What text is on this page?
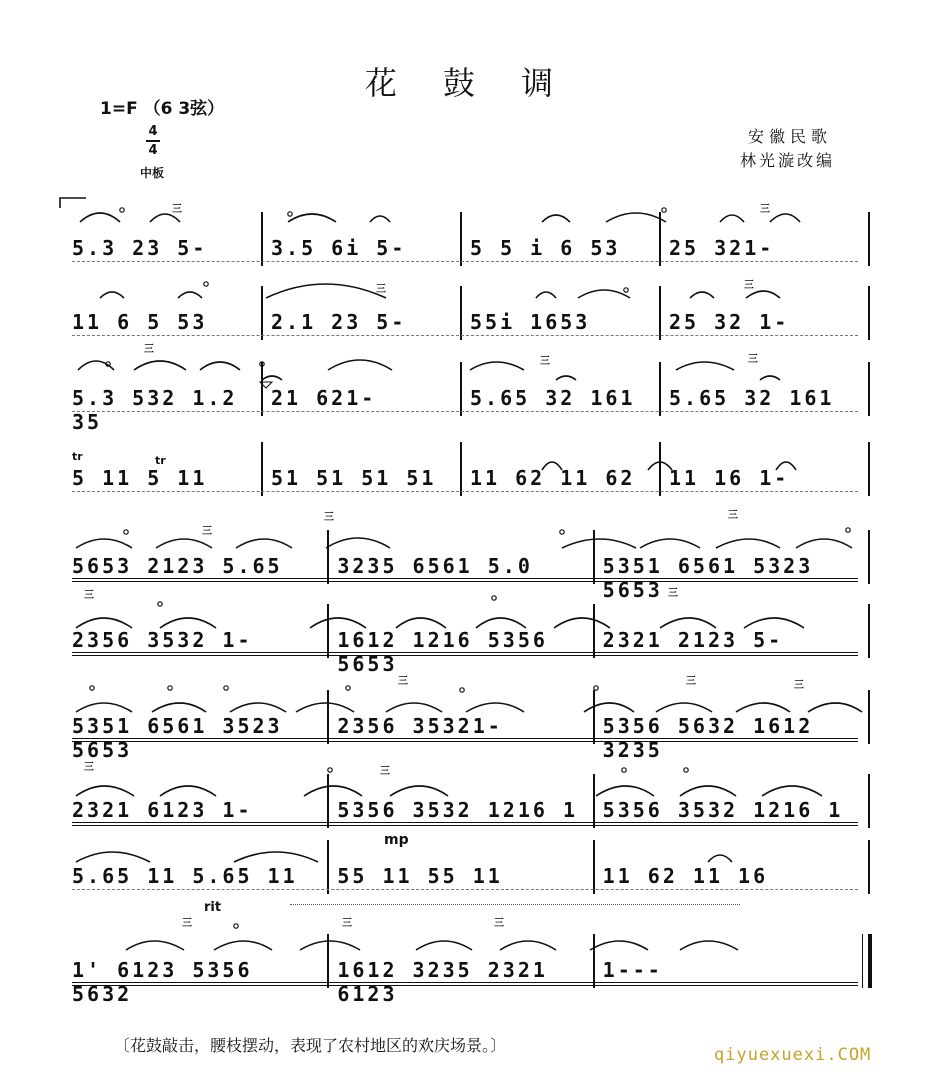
花 鼓 调
1=F （6 3弦）
4
4
中板
安徽民歌
林光漩改编
tr	tr
mp
rit
5.3 23 5-	3.5 6i 5-	5 5 i 6 53	25 321-
11 6 5 53	2.1 23 5-	55i 1653	25 32 1-
5.3 532 1.2 35
21 621-	5.65 32 161	5.65 32 161
5 11 5 11	51 51 51 51	11 62 11 62	11 16 1-
5653 2123 5.65	3235 6561 5.0	5351 6561 5323 5653
2356 3532 1-	1612 1216 5356 5653
2321 2123 5-
5351 6561 3523 5653
2356 35321-	5356 5632 1612 3235
2321 6123 1-	5356 3532 1216 1	5356 3532 1216 1
5.65 11 5.65 11	55 11 55 11	11 62 11 16
1' 6123 5356 5632
1612 3235 2321 6123
1---
三	三
三	三
三
三	三
三
三	三
三	三
三	三	三
三	三
三	三	三
〔花鼓敲击，腰枝摆动，表现了农村地区的欢庆场景。〕	qiyuexuexi.COM
